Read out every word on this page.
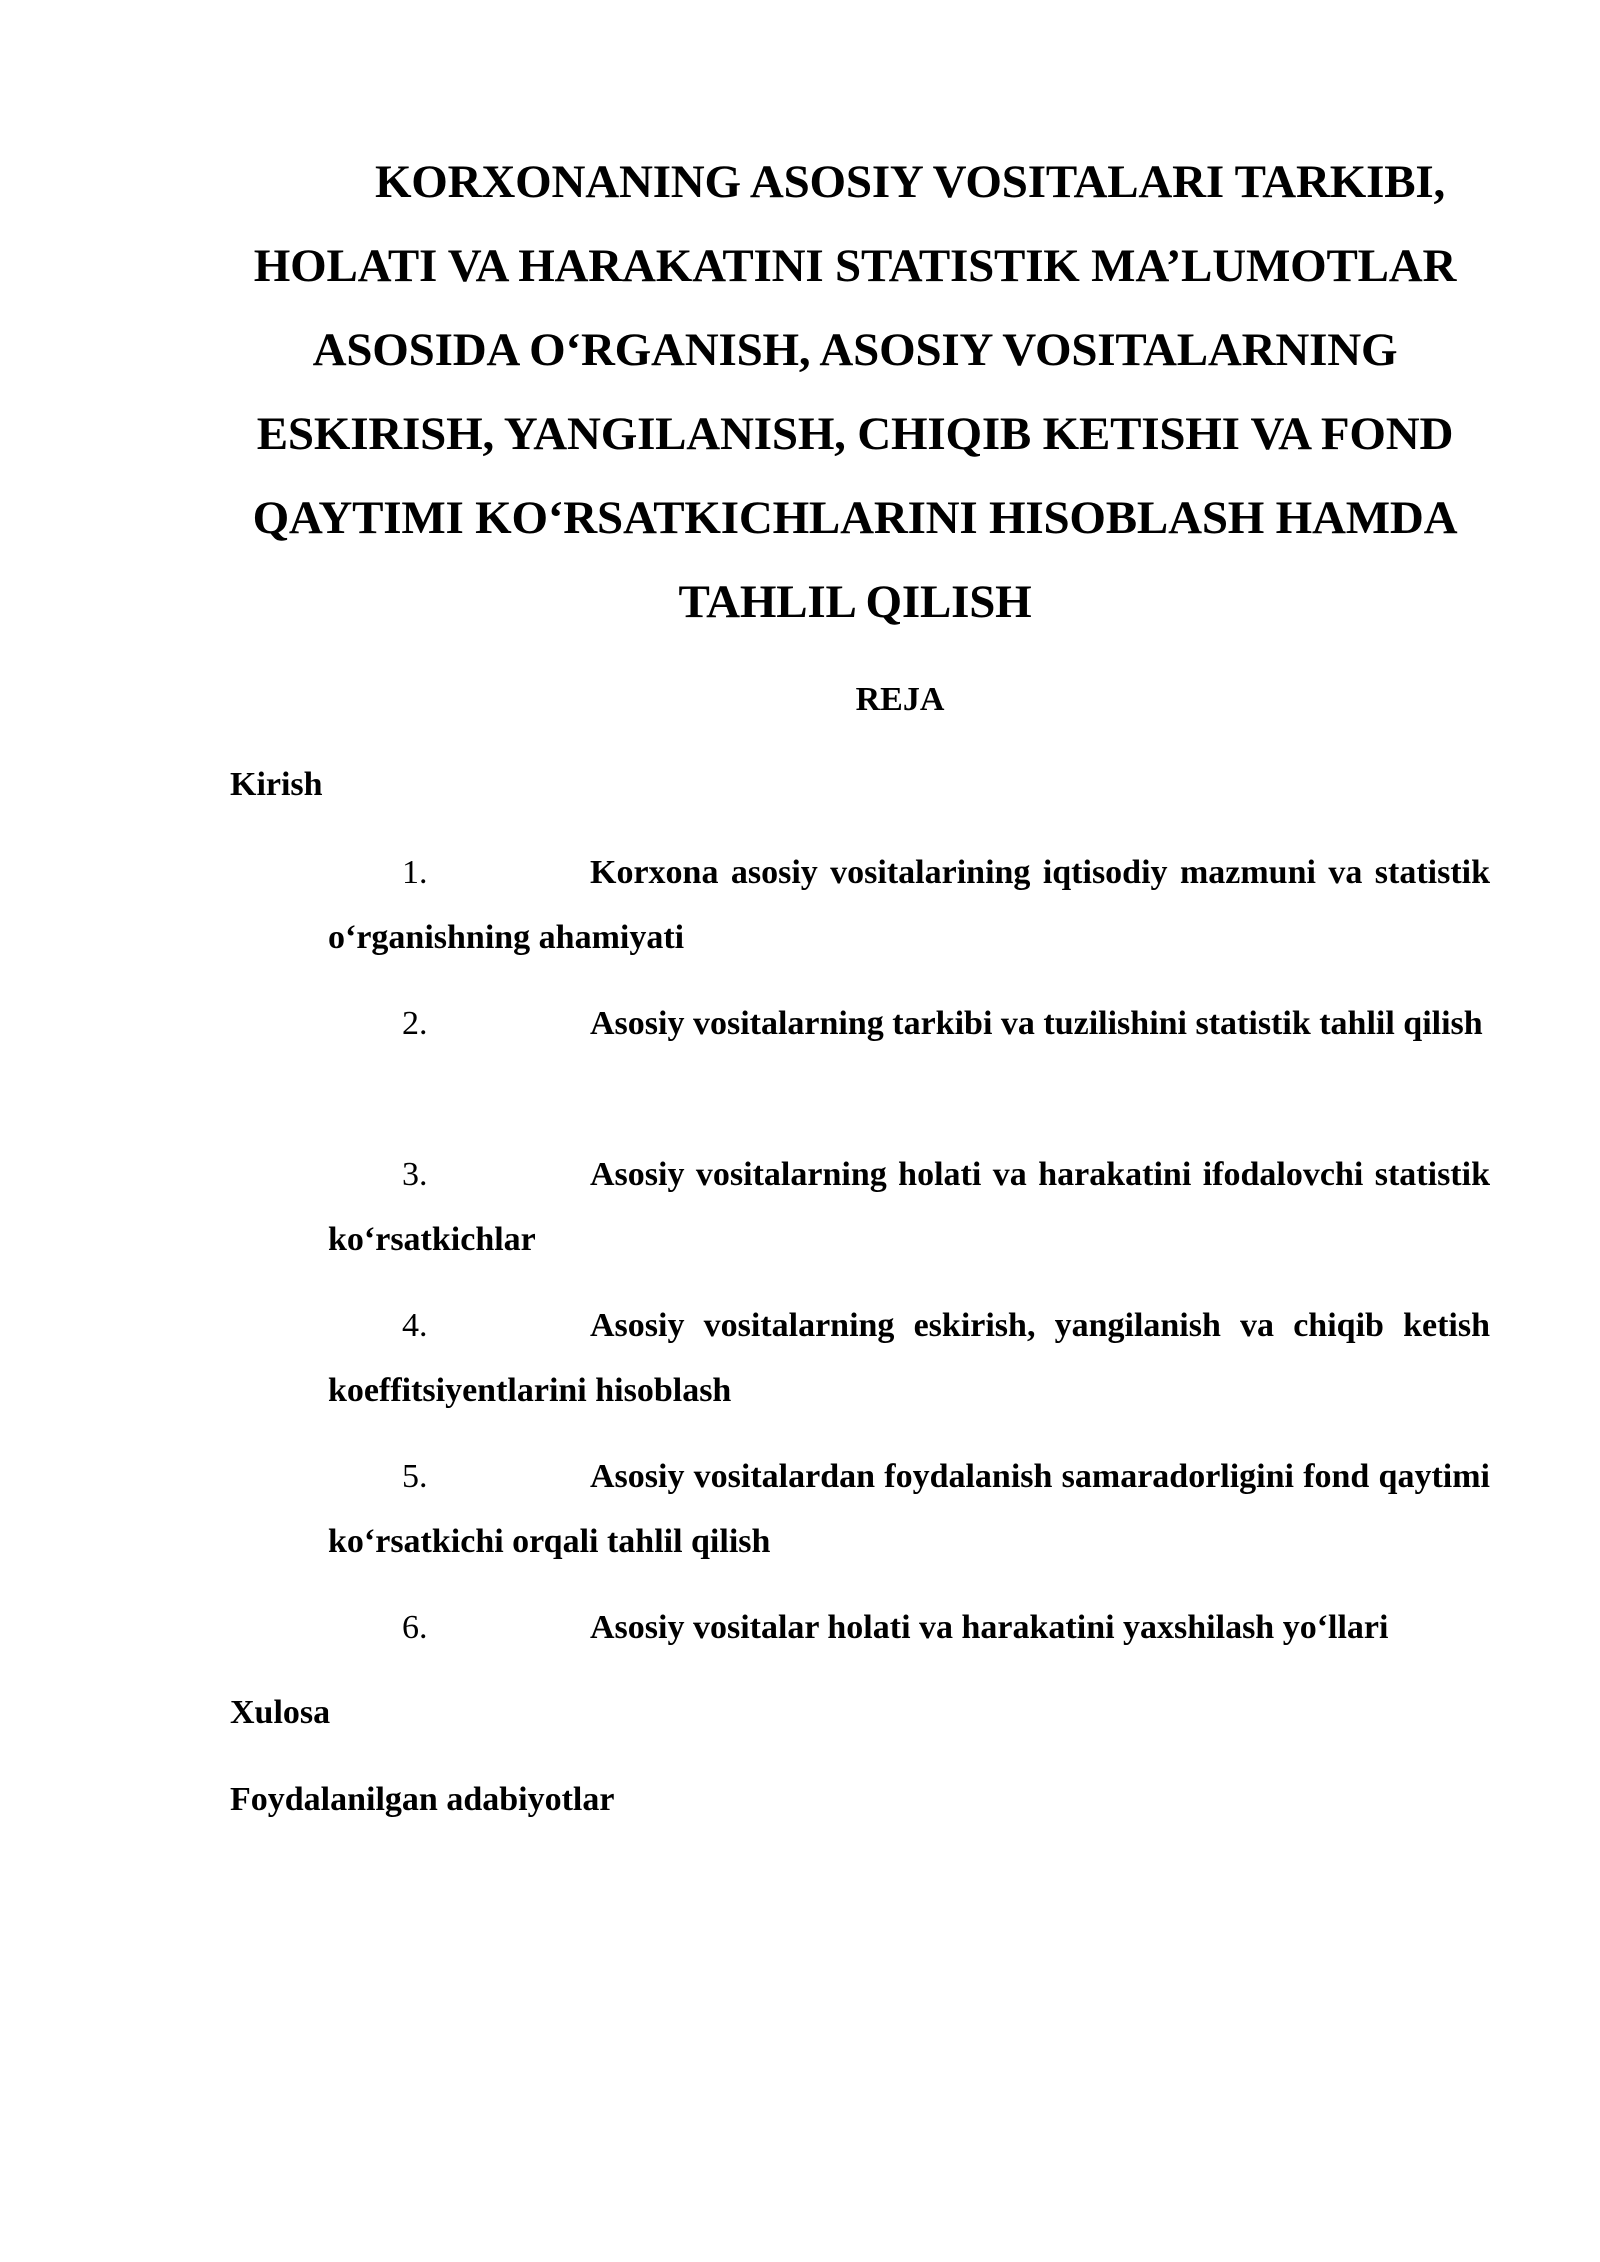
KORXONANING ASOSIY VOSITALARI TARKIBI, HOLATI VA HARAKATINI STATISTIK MA’LUMOTLAR ASOSIDA O‘RGANISH, ASOSIY VOSITALARNING ESKIRISH, YANGILANISH, CHIQIB KETISHI VA FOND QAYTIMI KO‘RSATKICHLARINI HISOBLASH HAMDA TAHLIL QILISH

REJA

Kirish

1.	Korxona asosiy vositalarining iqtisodiy mazmuni va statistik o‘rganishning ahamiyati

2.	Asosiy vositalarning tarkibi va tuzilishini statistik tahlil qilish

3.	Asosiy vositalarning holati va harakatini ifodalovchi statistik ko‘rsatkichlar

4.	Asosiy vositalarning eskirish, yangilanish va chiqib ketish koeffitsiyentlarini hisoblash

5.	Asosiy vositalardan foydalanish samaradorligini fond qaytimi ko‘rsatkichi orqali tahlil qilish

6.	Asosiy vositalar holati va harakatini yaxshilash yo‘llari

Xulosa

Foydalanilgan adabiyotlar
